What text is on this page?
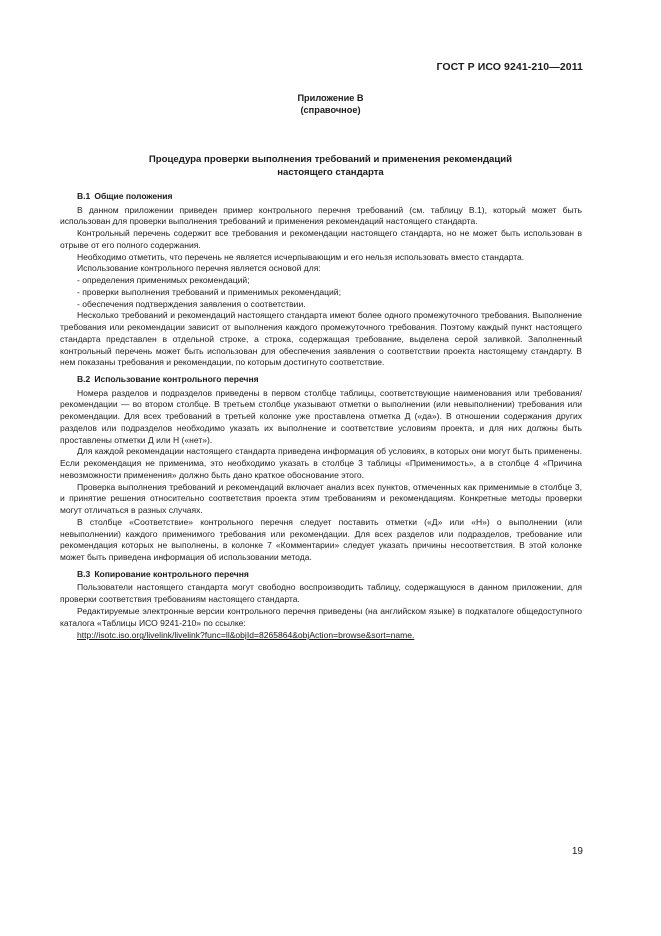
ГОСТ Р ИСО 9241-210—2011
Приложение В
(справочное)
Процедура проверки выполнения требований и применения рекомендаций
настоящего стандарта
В.1 Общие положения

В данном приложении приведен пример контрольного перечня требований (см. таблицу В.1), который может быть использован для проверки выполнения требований и применения рекомендаций настоящего стандарта.

Контрольный перечень содержит все требования и рекомендации настоящего стандарта, но не может быть использован в отрыве от его полного содержания.

Необходимо отметить, что перечень не является исчерпывающим и его нельзя использовать вместо стандарта.

Использование контрольного перечня является основой для:

- определения применимых рекомендаций;

- проверки выполнения требований и применимых рекомендаций;

- обеспечения подтверждения заявления о соответствии.

Несколько требований и рекомендаций настоящего стандарта имеют более одного промежуточного требования. Выполнение требования или рекомендации зависит от выполнения каждого промежуточного требования. Поэтому каждый пункт настоящего стандарта представлен в отдельной строке, а строка, содержащая требование, выделена серой заливкой. Заполненный контрольный перечень может быть использован для обеспечения заявления о соответствии проекта настоящему стандарту. В нем показаны требования и рекомендации, по которым достигнуто соответствие.

В.2 Использование контрольного перечня

Номера разделов и подразделов приведены в первом столбце таблицы, соответствующие наименования или требования/рекомендации — во втором столбце. В третьем столбце указывают отметки о выполнении (или невыполнении) требования или рекомендации. Для всех требований в третьей колонке уже проставлена отметка Д («да»). В отношении содержания других разделов или подразделов необходимо указать их выполнение и соответствие условиям проекта, и для них должны быть проставлены отметки Д или Н («нет»).

Для каждой рекомендации настоящего стандарта приведена информация об условиях, в которых они могут быть применены. Если рекомендация не применима, это необходимо указать в столбце 3 таблицы «Применимость», а в столбце 4 «Причина невозможности применения» должно быть дано краткое обоснование этого.

Проверка выполнения требований и рекомендаций включает анализ всех пунктов, отмеченных как применимые в столбце 3, и принятие решения относительно соответствия проекта этим требованиям и рекомендациям. Конкретные методы проверки могут отличаться в разных случаях.

В столбце «Соответствие» контрольного перечня следует поставить отметки («Д» или «Н») о выполнении (или невыполнении) каждого применимого требования или рекомендации. Для всех разделов или подразделов, требование или рекомендация которых не выполнены, в колонке 7 «Комментарии» следует указать причины несоответствия. В этой колонке может быть приведена информация об использовании метода.

В.3 Копирование контрольного перечня

Пользователи настоящего стандарта могут свободно воспроизводить таблицу, содержащуюся в данном приложении, для проверки соответствия требованиям настоящего стандарта.

Редактируемые электронные версии контрольного перечня приведены (на английском языке) в подкаталоге общедоступного каталога «Таблицы ИСО 9241-210» по ссылке:

http://isotc.iso.org/livelink/livelink?func=ll&objId=8265864&objAction=browse&sort=name.

19
